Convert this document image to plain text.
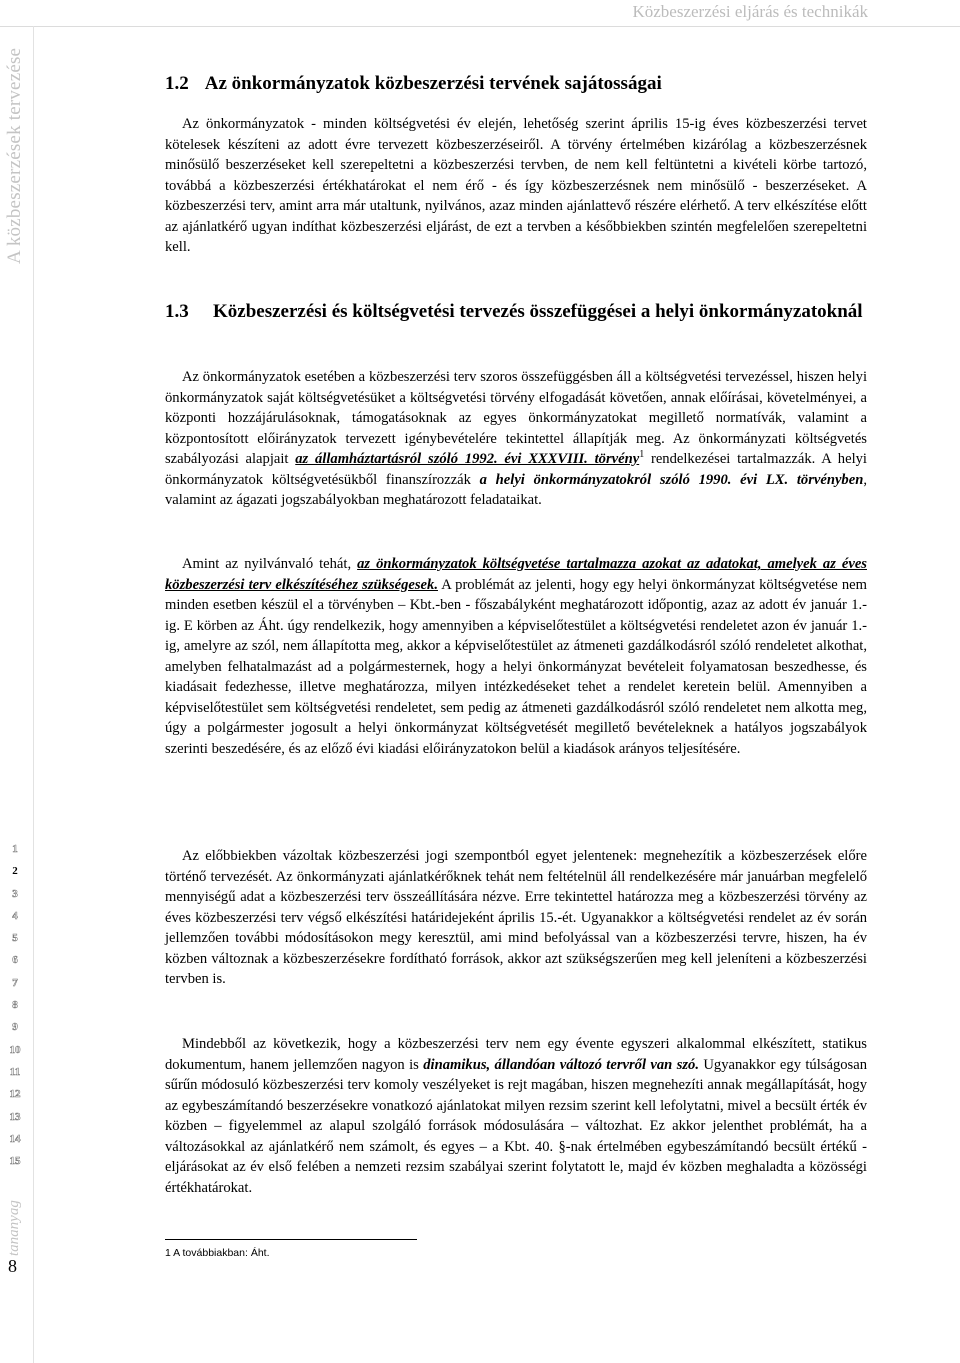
Közbeszerzési eljárás és technikák
A közbeszerzések tervezése
1
2
3
4
5
6
7
8
9
10
11
12
13
14
15
tananyag
8
1.2 Az önkormányzatok közbeszerzési tervének sajátosságai

Az önkormányzatok - minden költségvetési év elején, lehetőség szerint április 15-ig éves közbeszerzési tervet kötelesek készíteni az adott évre tervezett közbeszerzéseiről. A törvény értelmében kizárólag a közbeszerzésnek minősülő beszerzéseket kell szerepeltetni a közbeszerzési tervben, de nem kell feltüntetni a kivételi körbe tartozó, továbbá a közbeszerzési értékhatárokat el nem érő - és így közbeszerzésnek nem minősülő - beszerzéseket. A közbeszerzési terv, amint arra már utaltunk, nyilvános, azaz minden ajánlattevő részére elérhető. A terv elkészítése előtt az ajánlatkérő ugyan indíthat közbeszerzési eljárást, de ezt a tervben a későbbiekben szintén megfelelően szerepeltetni kell.

1.3 Közbeszerzési és költségvetési tervezés összefüggései a helyi önkormányzatoknál

Az önkormányzatok esetében a közbeszerzési terv szoros összefüggésben áll a költségvetési tervezéssel, hiszen helyi önkormányzatok saját költségvetésüket a költségvetési törvény elfogadását követően, annak előírásai, követelményei, a központi hozzájárulásoknak, támogatásoknak az egyes önkormányzatokat megillető normatívák, valamint a központosított előirányzatok tervezett igénybevételére tekintettel állapítják meg. Az önkormányzati költségvetés szabályozási alapjait az államháztartásról szóló 1992. évi XXXVIII. törvény$^1$ rendelkezései tartalmazzák. A helyi önkormányzatok költségvetésükből finanszírozzák a helyi önkormányzatokról szóló 1990. évi LX. törvényben, valamint az ágazati jogszabályokban meghatározott feladataikat.

Amint az nyilvánvaló tehát, az önkormányzatok költségvetése tartalmazza azokat az adatokat, amelyek az éves közbeszerzési terv elkészítéséhez szükségesek. A problémát az jelenti, hogy egy helyi önkormányzat költségvetése nem minden esetben készül el a törvényben – Kbt.-ben - főszabályként meghatározott időpontig, azaz az adott év január 1.-ig. E körben az Áht. úgy rendelkezik, hogy amennyiben a képviselőtestület a költségvetési rendeletet azon év január 1.-ig, amelyre az szól, nem állapította meg, akkor a képviselőtestület az átmeneti gazdálkodásról szóló rendeletet alkothat, amelyben felhatalmazást ad a polgármesternek, hogy a helyi önkormányzat bevételeit folyamatosan beszedhesse, és kiadásait fedezhesse, illetve meghatározza, milyen intézkedéseket tehet a rendelet keretein belül. Amennyiben a képviselőtestület sem költségvetési rendeletet, sem pedig az átmeneti gazdálkodásról szóló rendeletet nem alkotta meg, úgy a polgármester jogosult a helyi önkormányzat költségvetését megillető bevételeknek a hatályos jogszabályok szerinti beszedésére, és az előző évi kiadási előirányzatokon belül a kiadások arányos teljesítésére.

Az előbbiekben vázoltak közbeszerzési jogi szempontból egyet jelentenek: megnehezítik a közbeszerzések előre történő tervezését. Az önkormányzati ajánlatkérőknek tehát nem feltételnül áll rendelkezésére már januárban megfelelő mennyiségű adat a közbeszerzési terv összeállítására nézve. Erre tekintettel határozza meg a közbeszerzési törvény az éves közbeszerzési terv végső elkészítési határidejeként április 15.-ét. Ugyanakkor a költségvetési rendelet az év során jellemzően további módosításokon megy keresztül, ami mind befolyással van a közbeszerzési tervre, hiszen, ha év közben változnak a közbeszerzésekre fordítható források, akkor azt szükségszerűen meg kell jeleníteni a közbeszerzési tervben is.

Mindebből az következik, hogy a közbeszerzési terv nem egy évente egyszeri alkalommal elkészített, statikus dokumentum, hanem jellemzően nagyon is dinamikus, állandóan változó tervről van szó. Ugyanakkor egy túlságosan sűrűn módosuló közbeszerzési terv komoly veszélyeket is rejt magában, hiszen megnehezíti annak megállapítását, hogy az egybeszámítandó beszerzésekre vonatkozó ajánlatokat milyen rezsim szerint kell lefolytatni, mivel a becsült érték év közben – figyelemmel az alapul szolgáló források módosulására – változhat. Ez akkor jelenthet problémát, ha a változásokkal az ajánlatkérő nem számolt, és egyes – a Kbt. 40. §-nak értelmében egybeszámítandó becsült értékű - eljárásokat az év első felében a nemzeti rezsim szabályai szerint folytatott le, majd év közben meghaladta a közösségi értékhatárokat.

1 A továbbiakban: Áht.
